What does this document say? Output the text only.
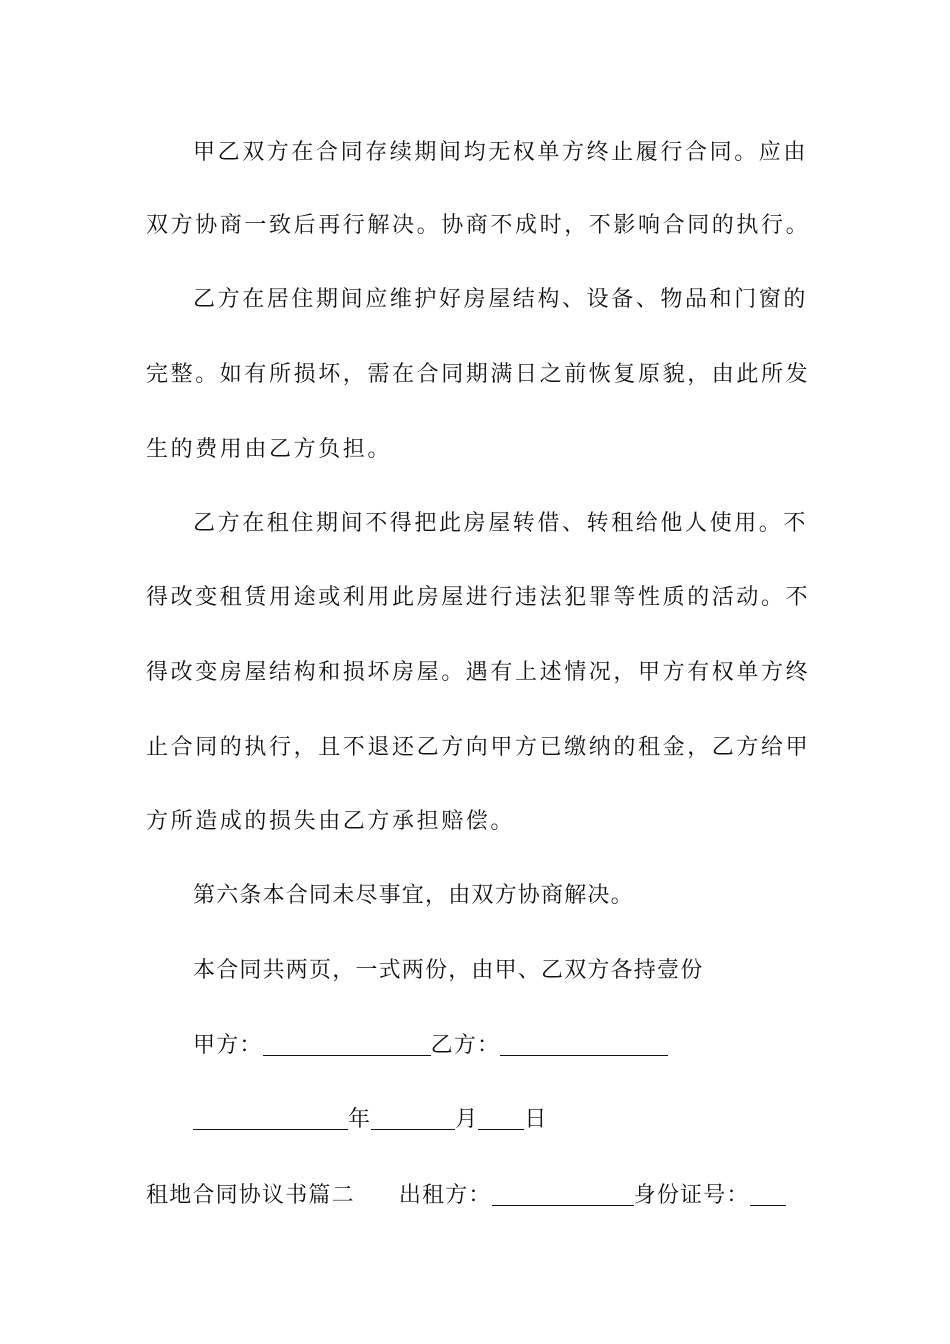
甲乙双方在合同存续期间均无权单方终止履行合同。应由
双方协商一致后再行解决。协商不成时，不影响合同的执行。
乙方在居住期间应维护好房屋结构、设备、物品和门窗的
完整。如有所损坏，需在合同期满日之前恢复原貌，由此所发
生的费用由乙方负担。
乙方在租住期间不得把此房屋转借、转租给他人使用。不
得改变租赁用途或利用此房屋进行违法犯罪等性质的活动。不
得改变房屋结构和损坏房屋。遇有上述情况，甲方有权单方终
止合同的执行，且不退还乙方向甲方已缴纳的租金，乙方给甲
方所造成的损失由乙方承担赔偿。
第六条本合同未尽事宜，由双方协商解决。
本合同共两页，一式两份，由甲、乙双方各持壹份
甲方：	乙方：
年	月 日
租地合同协议书篇二 出租方：	身份证号：
